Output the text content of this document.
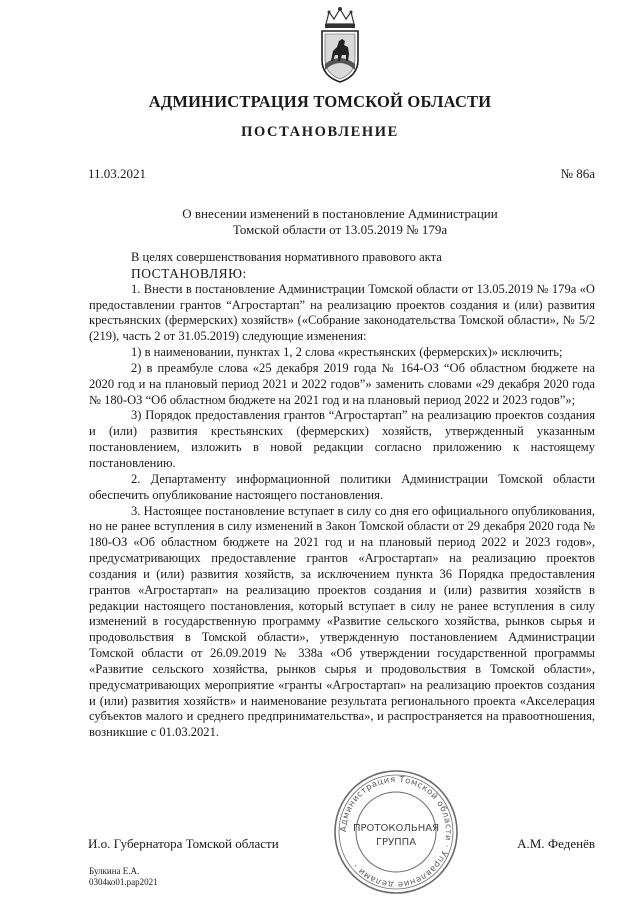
АДМИНИСТРАЦИЯ ТОМСКОЙ ОБЛАСТИ
ПОСТАНОВЛЕНИЕ
11.03.2021	№ 86а
О внесении изменений в постановление Администрации
Томской области от 13.05.2019 № 179а

В целях совершенствования нормативного правового акта

ПОСТАНОВЛЯЮ:

1. Внести в постановление Администрации Томской области от 13.05.2019 № 179а «О предоставлении грантов “Агростартап” на реализацию проектов создания и (или) развития крестьянских (фермерских) хозяйств» («Собрание законодательства Томской области», № 5/2 (219), часть 2 от 31.05.2019) следующие изменения:

1) в наименовании, пунктах 1, 2 слова «крестьянских (фермерских)» исключить;

2) в преамбуле слова «25 декабря 2019 года № 164-ОЗ “Об областном бюджете на 2020 год и на плановый период 2021 и 2022 годов”» заменить словами «29 декабря 2020 года № 180-ОЗ “Об областном бюджете на 2021 год и на плановый период 2022 и 2023 годов”»;

3) Порядок предоставления грантов “Агростартап” на реализацию проектов создания и (или) развития крестьянских (фермерских) хозяйств, утвержденный указанным постановлением, изложить в новой редакции согласно приложению к настоящему постановлению.

2. Департаменту информационной политики Администрации Томской области обеспечить опубликование настоящего постановления.

3. Настоящее постановление вступает в силу со дня его официального опубликования, но не ранее вступления в силу изменений в Закон Томской области от 29 декабря 2020 года № 180-ОЗ «Об областном бюджете на 2021 год и на плановый период 2022 и 2023 годов», предусматривающих предоставление грантов «Агростартап» на реализацию проектов создания и (или) развития хозяйств, за исключением пункта 36 Порядка предоставления грантов «Агростартап» на реализацию проектов создания и (или) развития хозяйств в редакции настоящего постановления, который вступает в силу не ранее вступления в силу изменений в государственную программу «Развитие сельского хозяйства, рынков сырья и продовольствия в Томской области», утвержденную постановлением Администрации Томской области от 26.09.2019 № 338а «Об утверждении государственной программы «Развитие сельского хозяйства, рынков сырья и продовольствия в Томской области», предусматривающих мероприятие «гранты «Агростартап» на реализацию проектов создания и (или) развития хозяйств» и наименование результата регионального проекта «Акселерация субъектов малого и среднего предпринимательства», и распространяется на правоотношения, возникшие с 01.03.2021.

Администрация Томской области · Управление делами ·
ПРОТОКОЛЬНАЯ
ГРУППА
И.о. Губернатора Томской области	А.М. Феденёв
Булкина Е.А.
0304ко01.рар2021
